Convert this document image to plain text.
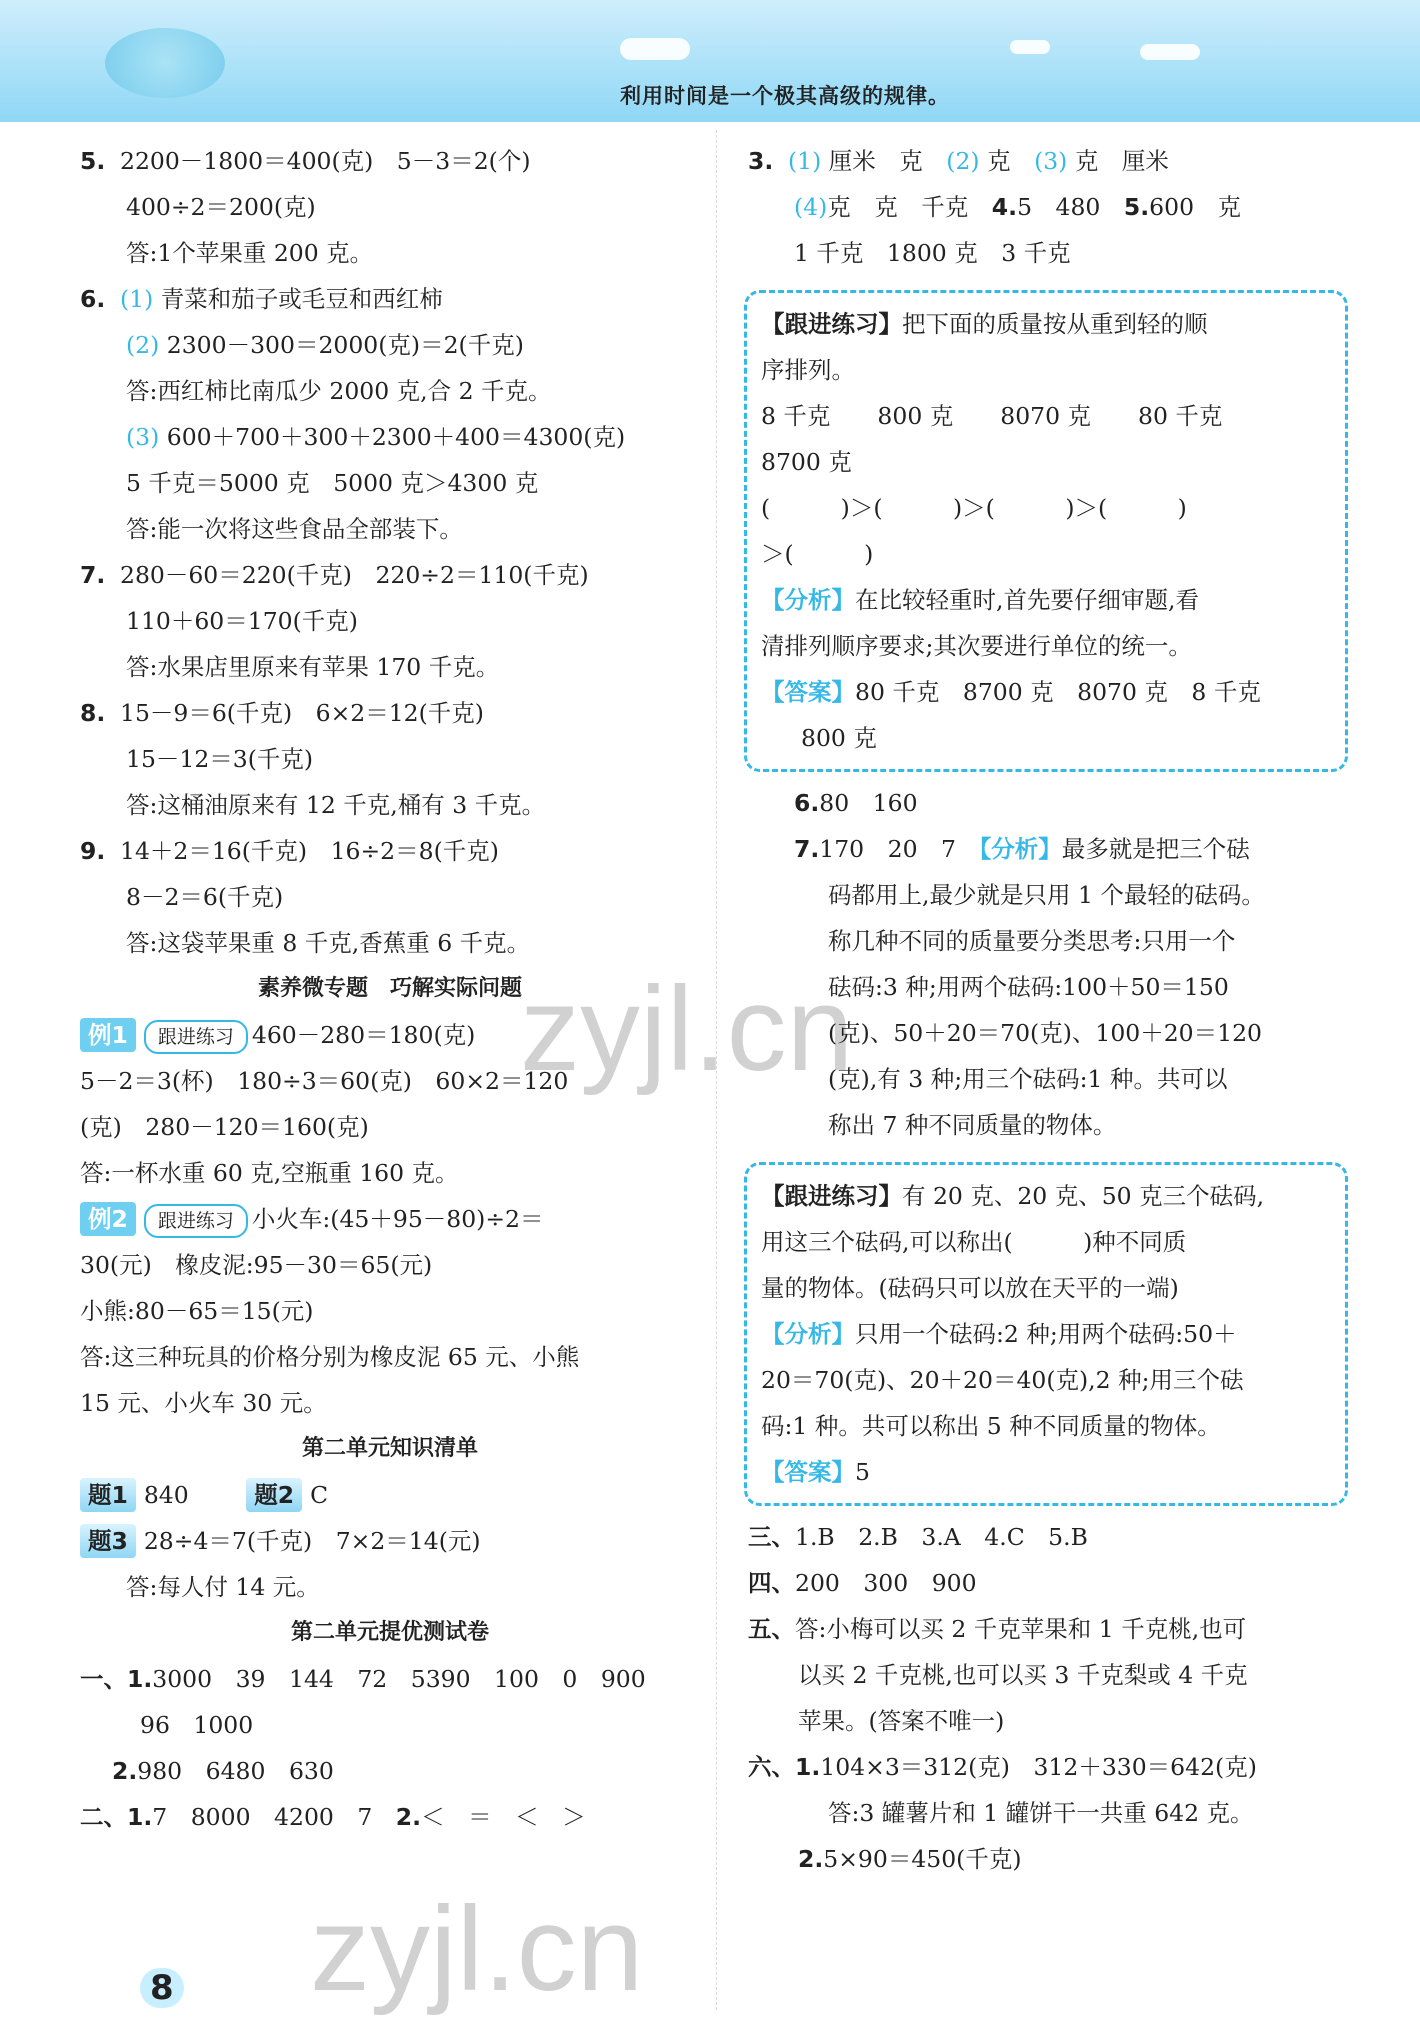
利用时间是一个极其高级的规律。
5. 2200－1800＝400(克)　5－3＝2(个)
400÷2＝200(克)
答:1个苹果重 200 克。
6. (1) 青菜和茄子或毛豆和西红柿
(2) 2300－300＝2000(克)＝2(千克)
答:西红柿比南瓜少 2000 克,合 2 千克。
(3) 600＋700＋300＋2300＋400＝4300(克)
5 千克＝5000 克　5000 克＞4300 克
答:能一次将这些食品全部装下。
7. 280－60＝220(千克)　220÷2＝110(千克)
110＋60＝170(千克)
答:水果店里原来有苹果 170 千克。
8. 15－9＝6(千克)　6×2＝12(千克)
15－12＝3(千克)
答:这桶油原来有 12 千克,桶有 3 千克。
9. 14＋2＝16(千克)　16÷2＝8(千克)
8－2＝6(千克)
答:这袋苹果重 8 千克,香蕉重 6 千克。
素养微专题　巧解实际问题
例1 跟进练习 460－280＝180(克)
5－2＝3(杯)　180÷3＝60(克)　60×2＝120
(克)　280－120＝160(克)
答:一杯水重 60 克,空瓶重 160 克。
例2 跟进练习 小火车:(45＋95－80)÷2＝
30(元)　橡皮泥:95－30＝65(元)
小熊:80－65＝15(元)
答:这三种玩具的价格分别为橡皮泥 65 元、小熊
15 元、小火车 30 元。
第二单元知识清单
题1 840	题2 C
题3 28÷4＝7(千克)　7×2＝14(元)
答:每人付 14 元。
第二单元提优测试卷
一、1.3000　39　144　72　5390　100　0　900
96　1000
2.980　6480　630
二、1.7　8000　4200　7　 2.＜　＝　＜　＞
3. (1) 厘米　克　 (2) 克　 (3) 克　厘米
(4)克　克　千克　 4.5　480　 5.600　克
1 千克　1800 克　3 千克
【跟进练习】把下面的质量按从重到轻的顺
序排列。
8 千克　　800 克　　8070 克　　80 千克
8700 克
(　　　)＞(　　　)＞(　　　)＞(　　　)
＞(　　　)
【分析】在比较轻重时,首先要仔细审题,看
清排列顺序要求;其次要进行单位的统一。
【答案】80 千克　8700 克　8070 克　8 千克
800 克
6.80　160
7.170　20　7　 【分析】最多就是把三个砝
码都用上,最少就是只用 1 个最轻的砝码。
称几种不同的质量要分类思考:只用一个
砝码:3 种;用两个砝码:100＋50＝150
(克)、50＋20＝70(克)、100＋20＝120
(克),有 3 种;用三个砝码:1 种。共可以
称出 7 种不同质量的物体。
【跟进练习】有 20 克、20 克、50 克三个砝码,
用这三个砝码,可以称出(　　　)种不同质
量的物体。(砝码只可以放在天平的一端)
【分析】只用一个砝码:2 种;用两个砝码:50＋
20＝70(克)、20＋20＝40(克),2 种;用三个砝
码:1 种。共可以称出 5 种不同质量的物体。
【答案】5
三、1.B　2.B　3.A　4.C　5.B
四、200　300　900
五、答:小梅可以买 2 千克苹果和 1 千克桃,也可
以买 2 千克桃,也可以买 3 千克梨或 4 千克
苹果。(答案不唯一)
六、1.104×3＝312(克)　312＋330＝642(克)
答:3 罐薯片和 1 罐饼干一共重 642 克。
2.5×90＝450(千克)
8
zyjl.cn
zyjl.cn
